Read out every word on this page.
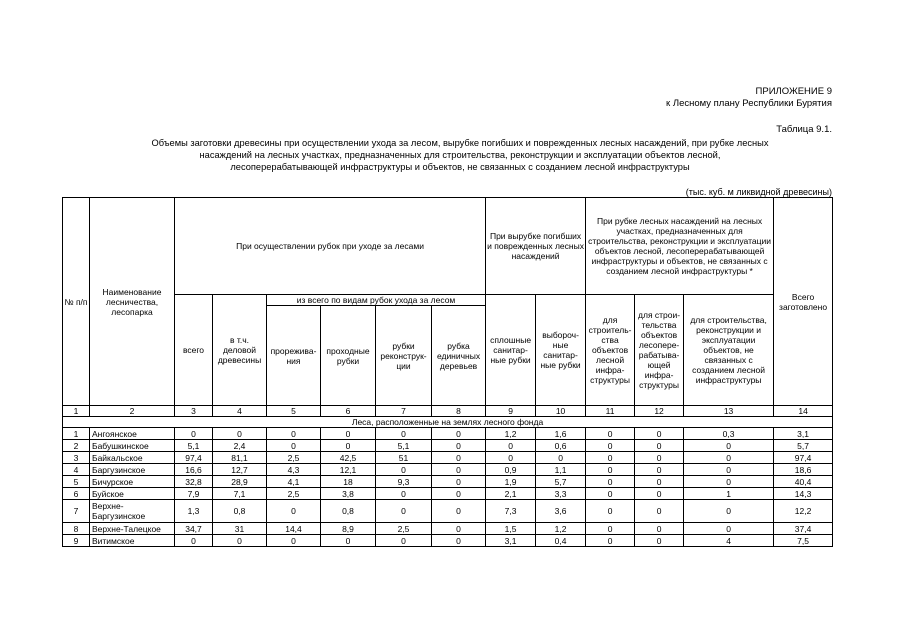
ПРИЛОЖЕНИЕ 9
к Лесному плану Республики Бурятия
Таблица 9.1.
Объемы заготовки древесины при осуществлении ухода за лесом, вырубке погибших и поврежденных лесных насаждений, при рубке лесных
насаждений на лесных участках, предназначенных для строительства, реконструкции и эксплуатации объектов лесной,
лесоперерабатывающей инфраструктуры и объектов, не связанных с созданием лесной инфраструктуры
(тыс. куб. м ликвидной древесины)
№ п/п	Наименование лесничества, лесопарка	При осуществлении рубок при уходе за лесами						При вырубке погибших и поврежденных лесных насаждений		При рубке лесных насаждений на лесных участках, предназначенных для строительства, реконструкции и эксплуатации объектов лесной, лесоперерабатывающей инфраструктуры и объектов, не связанных с созданием лесной инфраструктуры *			Всего заготовлено
		всего	в т.ч. деловой древесины	из всего по видам рубок ухода за лесом				сплошные санитар-ные рубки	выбороч-ные санитар-ные рубки	для строитель-ства объектов лесной инфра-структуры	для строи-тельства объектов лесопере-рабатыва-ющей инфра-структуры	для строительства, реконструкции и эксплуатации объектов, не связанных с созданием лесной инфраструктуры	
				прорежива-ния	проходные рубки	рубки реконструк-ции	рубка единичных деревьев						
1	2	3	4	5	6	7	8	9	10	11	12	13	14
Леса, расположенные на землях лесного фонда													
1	Ангоянское	0	0	0	0	0	0	1,2	1,6	0	0	0,3	3,1
2	Бабушкинское	5,1	2,4	0	0	5,1	0	0	0,6	0	0	0	5,7
3	Байкальское	97,4	81,1	2,5	42,5	51	0	0	0	0	0	0	97,4
4	Баргузинское	16,6	12,7	4,3	12,1	0	0	0,9	1,1	0	0	0	18,6
5	Бичурское	32,8	28,9	4,1	18	9,3	0	1,9	5,7	0	0	0	40,4
6	Буйское	7,9	7,1	2,5	3,8	0	0	2,1	3,3	0	0	1	14,3
7	Верхне-Баргузинское	1,3	0,8	0	0,8	0	0	7,3	3,6	0	0	0	12,2
8	Верхне-Талецкое	34,7	31	14,4	8,9	2,5	0	1,5	1,2	0	0	0	37,4
9	Витимское	0	0	0	0	0	0	3,1	0,4	0	0	4	7,5
